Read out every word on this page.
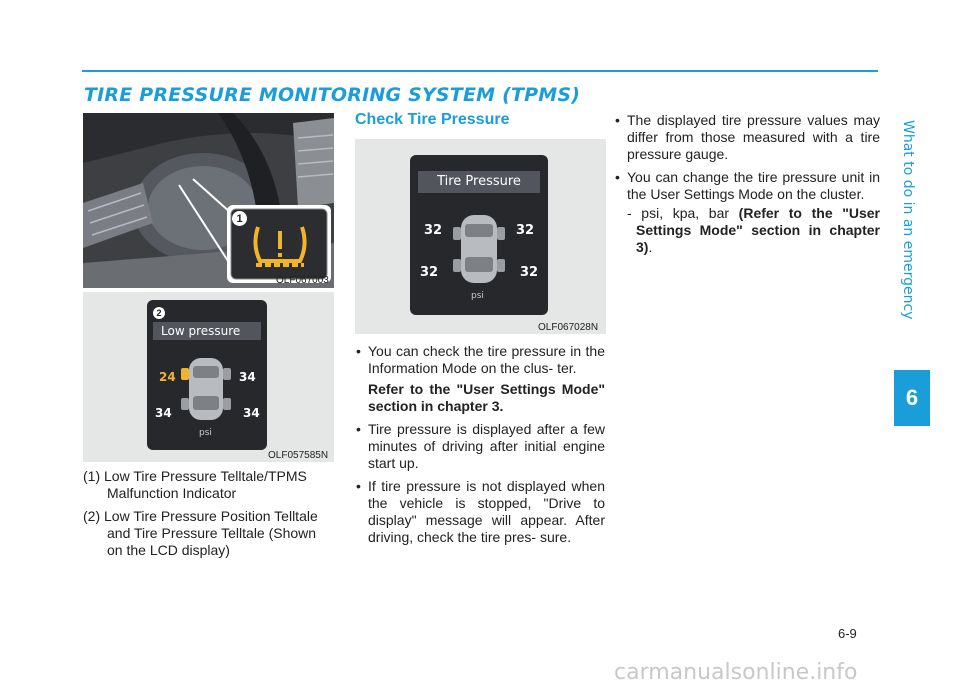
TIRE PRESSURE MONITORING SYSTEM (TPMS)
What to do in an emergency
6
1
OLF067003
2
Low pressure
24	34
34	34
psi
OLF057585N

(1) Low Tire Pressure Telltale/TPMS Malfunction Indicator

(2) Low Tire Pressure Position Telltale and Tire Pressure Telltale (Shown on the LCD display)

Check Tire Pressure
Tire Pressure
32	32
32	32
psi
OLF067028N
• You can check the tire pressure in the Information Mode on the clus- ter.
Refer to the "User Settings Mode" section in chapter 3.
• Tire pressure is displayed after a few minutes of driving after initial engine start up.
• If tire pressure is not displayed when the vehicle is stopped, "Drive to display" message will appear. After driving, check the tire pres- sure.
• The displayed tire pressure values may differ from those measured with a tire pressure gauge.
• You can change the tire pressure unit in the User Settings Mode on the cluster.

- psi, kpa, bar (Refer to the "User Settings Mode" section in chapter 3).

6-9
carmanualsonline.info
